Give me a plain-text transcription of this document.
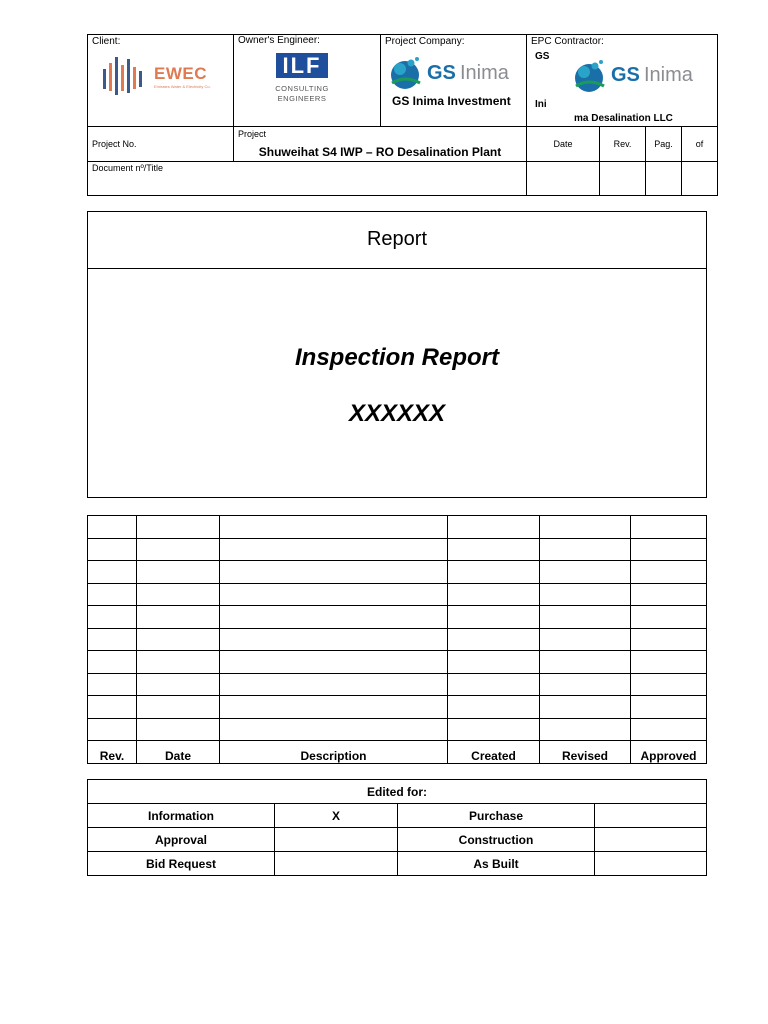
Client:
EWEC
Emirates Water & Electricity Co.
Owner's Engineer:
ILF
CONSULTING
ENGINEERS
Project Company:
GS Inima
GS Inima Investment
EPC Contractor:
GS
GS Inima
Ini
ma Desalination LLC
Project No.
Project
Shuweihat S4 IWP – RO Desalination Plant
Date	Rev.	Pag.	of
Document nº/Title
Report
Inspection Report
XXXXXX

Rev.	Date	Description	Created	Revised	Approved
Edited for:			
Information	X	Purchase	
Approval		Construction	
Bid Request		As Built	
